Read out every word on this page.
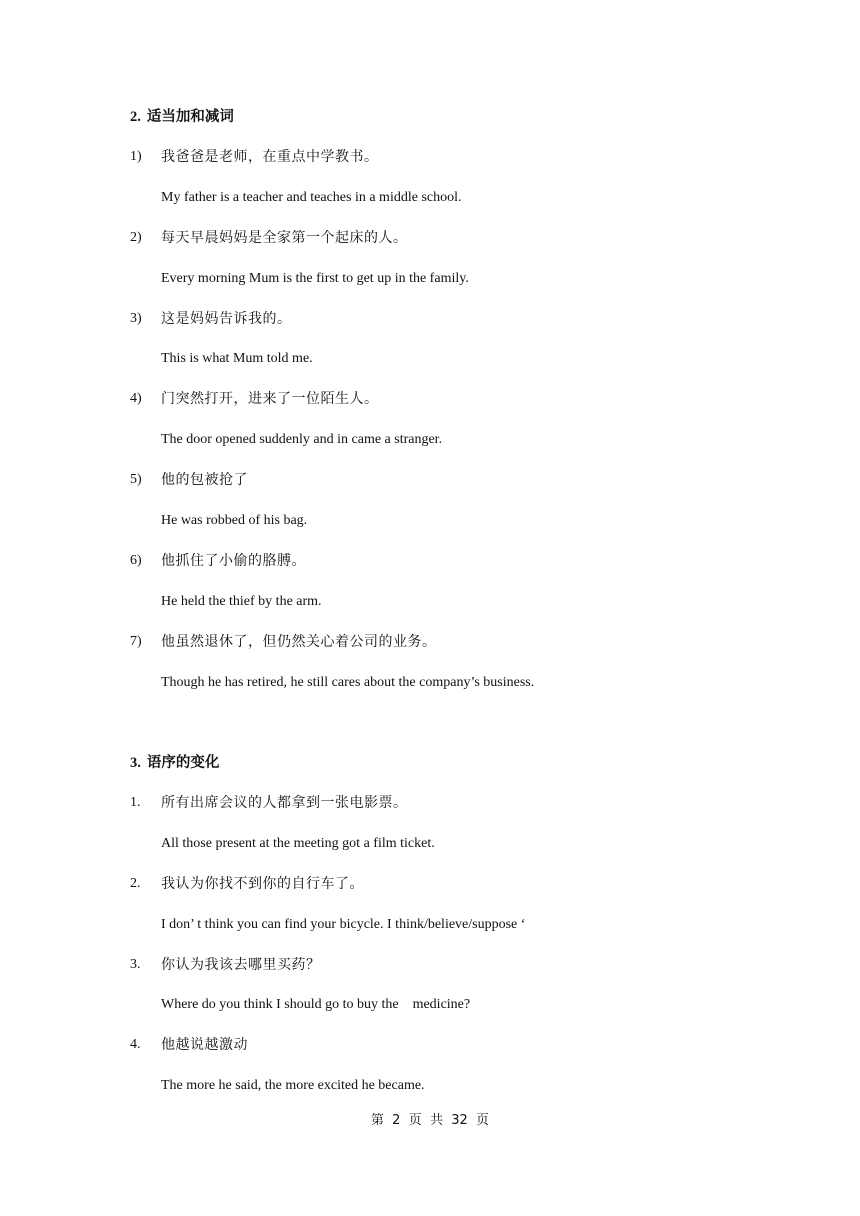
2. 适当加和减词
1) 我爸爸是老师，在重点中学教书。
My father is a teacher and teaches in a middle school.
2) 每天早晨妈妈是全家第一个起床的人。
Every morning Mum is the first to get up in the family.
3) 这是妈妈告诉我的。
This is what Mum told me.
4) 门突然打开，进来了一位陌生人。
The door opened suddenly and in came a stranger.
5) 他的包被抢了
He was robbed of his bag.
6) 他抓住了小偷的胳膊。
He held the thief by the arm.
7) 他虽然退休了，但仍然关心着公司的业务。
Though he has retired, he still cares about the company’s business.
3. 语序的变化
1. 所有出席会议的人都拿到一张电影票。
All those present at the meeting got a film ticket.
2. 我认为你找不到你的自行车了。
I don’ t think you can find your bicycle. I think/believe/suppose ‘
3. 你认为我该去哪里买药？
Where do you think I should go to buy the    medicine?
4. 他越说越激动
The more he said, the more excited he became.
第  2  页  共  32  页
